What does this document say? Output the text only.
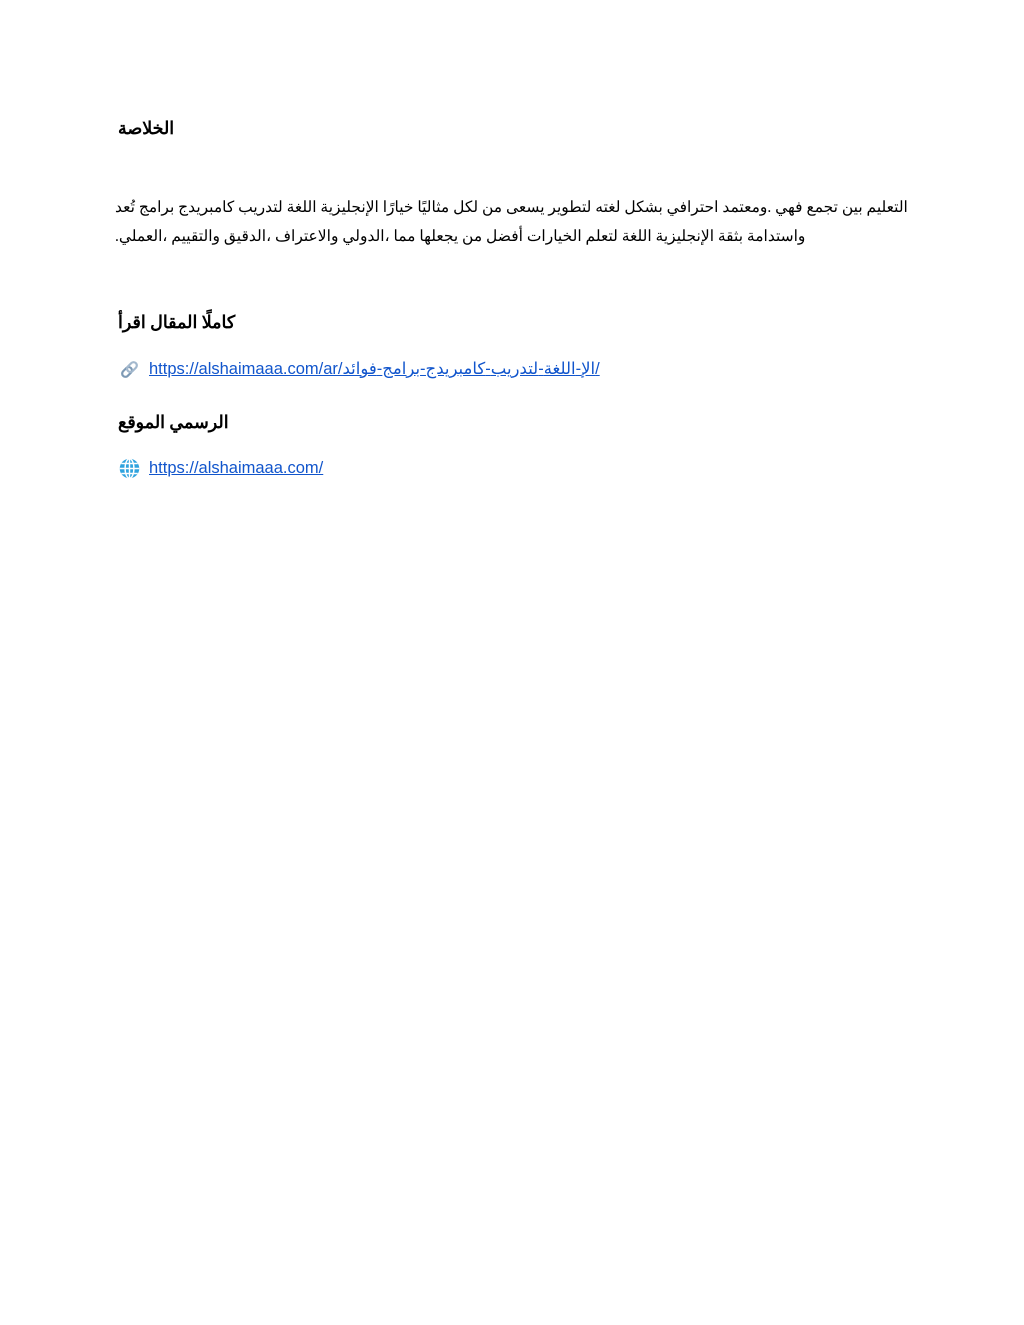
الخلاصة
تُعد‎ برامج‎ كامبريدج‎ لتدريب‎ اللغة‎ الإنجليزية‎ خيارًا‎ مثاليًا‎ لكل‎ من‎ يسعى‎ لتطوير‎ لغته‎ بشكل‎ احترافي‎ ومعتمد.‎ فهي‎ تجمع‎ بين‎ التعليم
.العملي،‎ والتقييم‎ الدقيق،‎ والاعتراف‎ الدولي،‎ مما‎ يجعلها‎ من‎ أفضل‎ الخيارات‎ لتعلم‎ اللغة‎ الإنجليزية‎ بثقة‎ واستدامة
اقرأ‎ المقال‎ كاملًا
https://alshaimaaa.com/ar/فوائد‎-برامج‎-كامبريدج‎-لتدريب‎-اللغة‎-الإ‎/
الموقع‎ الرسمي
https://alshaimaaa.com/
